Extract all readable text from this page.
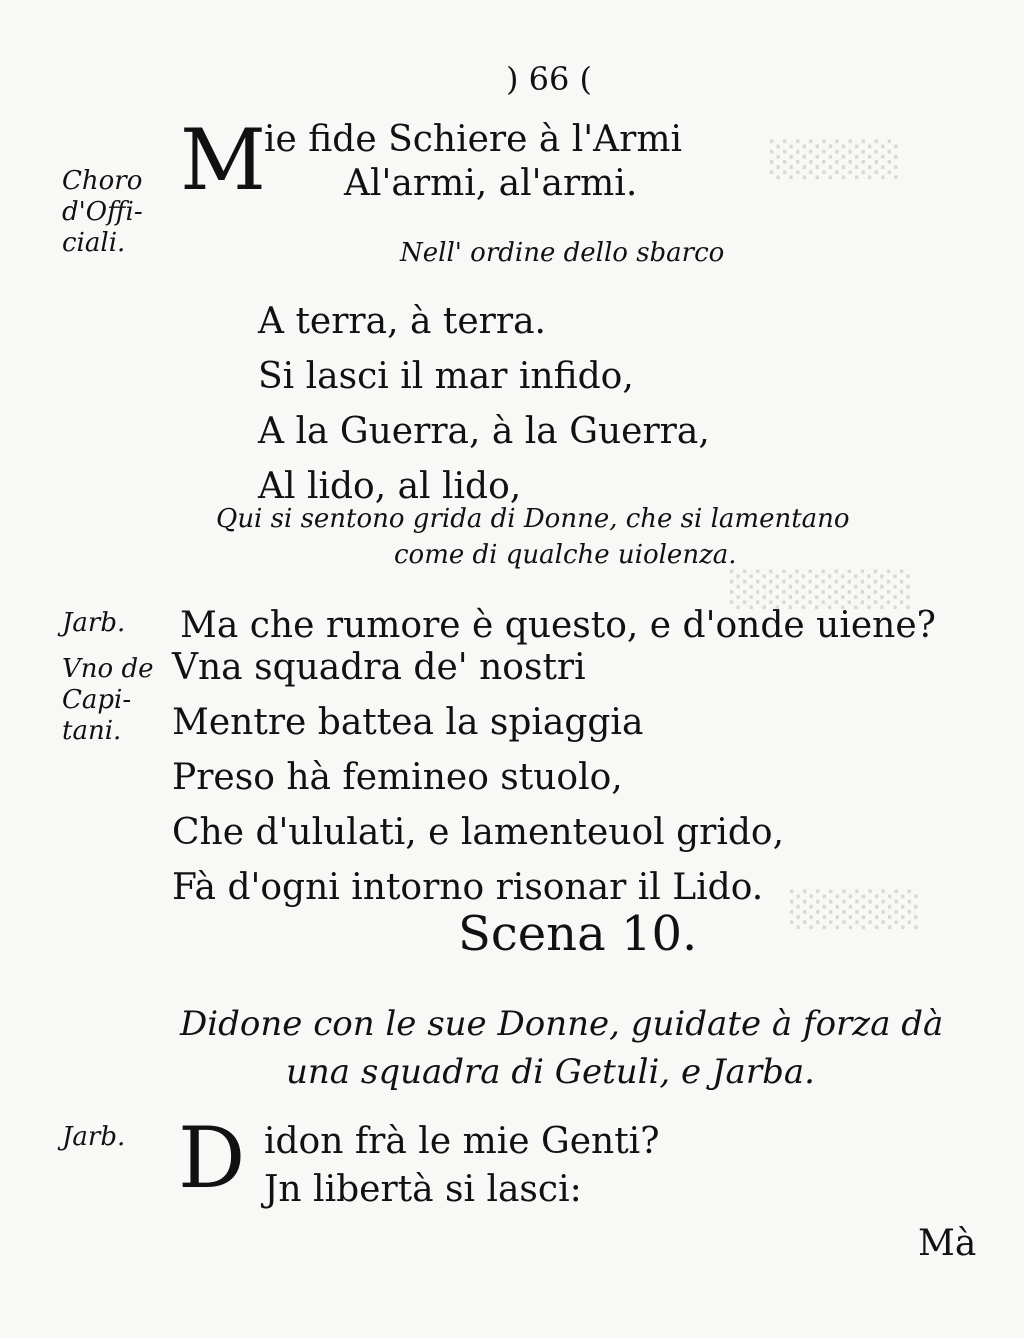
░░░░░
░░░░░░░
░░░░░
) 66 (
Choro
d'Offi-
ciali.
M
ie fide Schiere à l'Armi
Al'armi, al'armi.
Nell' ordine dello sbarco
A terra, à terra.
Si lasci il mar infido,
A la Guerra, à la Guerra,
Al lido, al lido,
Qui si sentono grida di Donne, che si lamentano
come di qualche uiolenza.
Jarb. Ma che rumore è questo, e d'onde uiene?
Vno de
Capi-
tani.
Vna squadra de' nostri
Mentre battea la spiaggia
Preso hà femineo stuolo,
Che d'ululati, e lamenteuol grido,
Fà d'ogni intorno risonar il Lido.
Scena 10.
Didone con le sue Donne, guidate à forza dà
una squadra di Getuli, e Jarba.
Jarb. D idon frà le mie Genti?
Jn libertà si lasci:
Mà
